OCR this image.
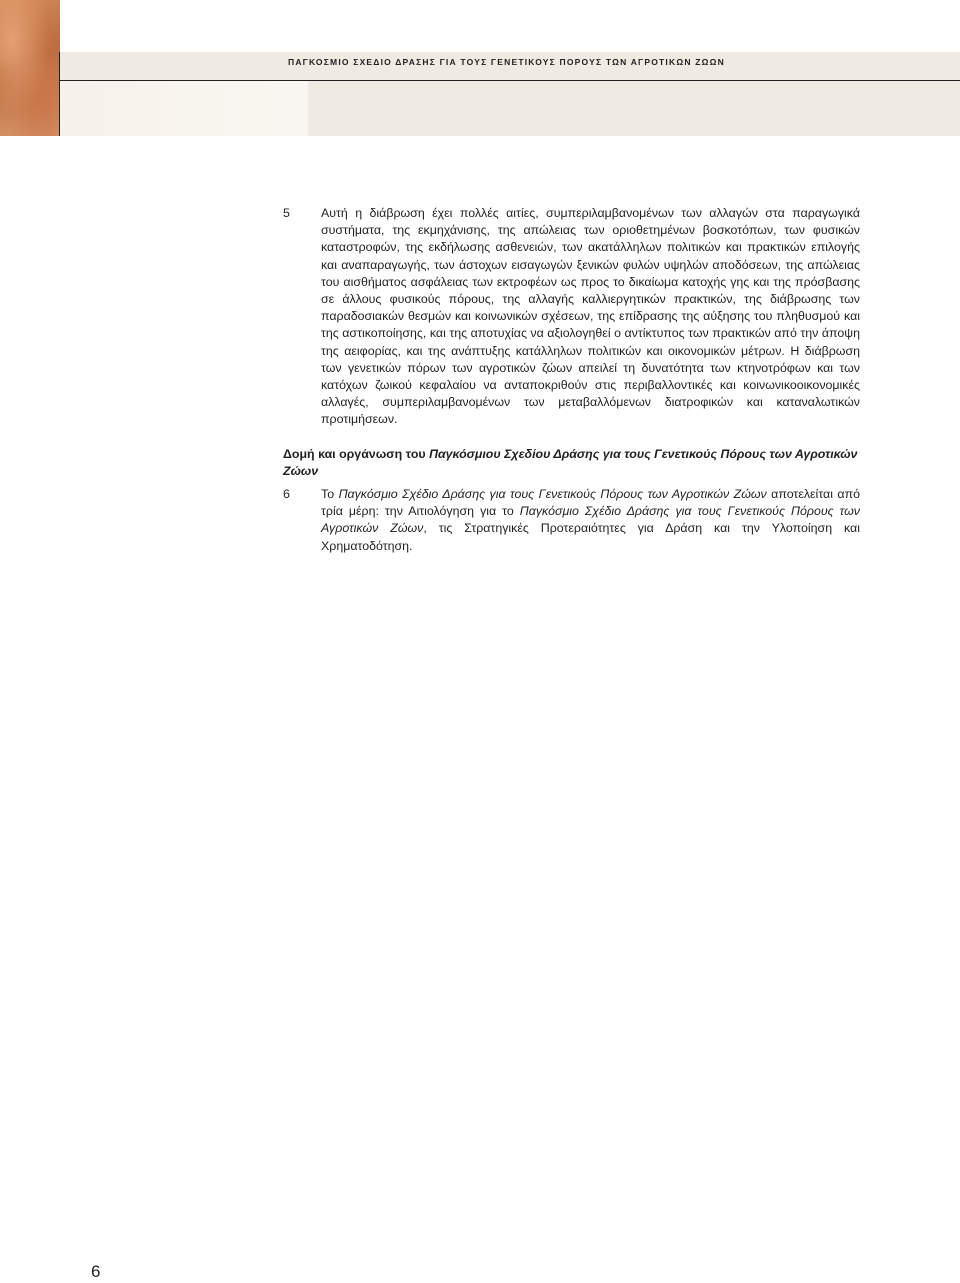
ΠΑΓΚΟΣΜΙΟ ΣΧΕΔΙΟ ΔΡΑΣΗΣ ΓΙΑ ΤΟΥΣ ΓΕΝΕΤΙΚΟΥΣ ΠΟΡΟΥΣ ΤΩΝ ΑΓΡΟΤΙΚΩΝ ΖΩΩΝ
5	Αυτή η διάβρωση έχει πολλές αιτίες, συμπεριλαμβανομένων των αλλαγών στα παραγωγικά συστήματα, της εκμηχάνισης, της απώλειας των οριοθετημένων βοσκοτόπων, των φυσικών καταστροφών, της εκδήλωσης ασθενειών, των ακατάλληλων πολιτικών και πρακτικών επιλογής και αναπαραγωγής, των άστοχων εισαγωγών ξενικών φυλών υψηλών αποδόσεων, της απώλειας του αισθήματος ασφάλειας των εκτροφέων ως προς το δικαίωμα κατοχής γης και της πρόσβασης σε άλλους φυσικούς πόρους, της αλλαγής καλλιεργητικών πρακτικών, της διάβρωσης των παραδοσιακών θεσμών και κοινωνικών σχέσεων, της επίδρασης της αύξησης του πληθυσμού και της αστικοποίησης, και της αποτυχίας να αξιολογηθεί ο αντίκτυπος των πρακτικών από την άποψη της αειφορίας, και της ανάπτυξης κατάλληλων πολιτικών και οικονομικών μέτρων. Η διάβρωση των γενετικών πόρων των αγροτικών ζώων απειλεί τη δυνατότητα των κτηνοτρόφων και των κατόχων ζωικού κεφαλαίου να ανταποκριθούν στις περιβαλλοντικές και κοινωνικοοικονομικές αλλαγές, συμπεριλαμβανομένων των μεταβαλλόμενων διατροφικών και καταναλωτικών προτιμήσεων.
Δομή και οργάνωση του Παγκόσμιου Σχεδίου Δράσης για τους Γενετικούς Πόρους των Αγροτικών Ζώων
6	Το Παγκόσμιο Σχέδιο Δράσης για τους Γενετικούς Πόρους των Αγροτικών Ζώων αποτελείται από τρία μέρη: την Αιτιολόγηση για το Παγκόσμιο Σχέδιο Δράσης για τους Γενετικούς Πόρους των Αγροτικών Ζώων, τις Στρατηγικές Προτεραιότητες για Δράση και την Υλοποίηση και Χρηματοδότηση.
6
